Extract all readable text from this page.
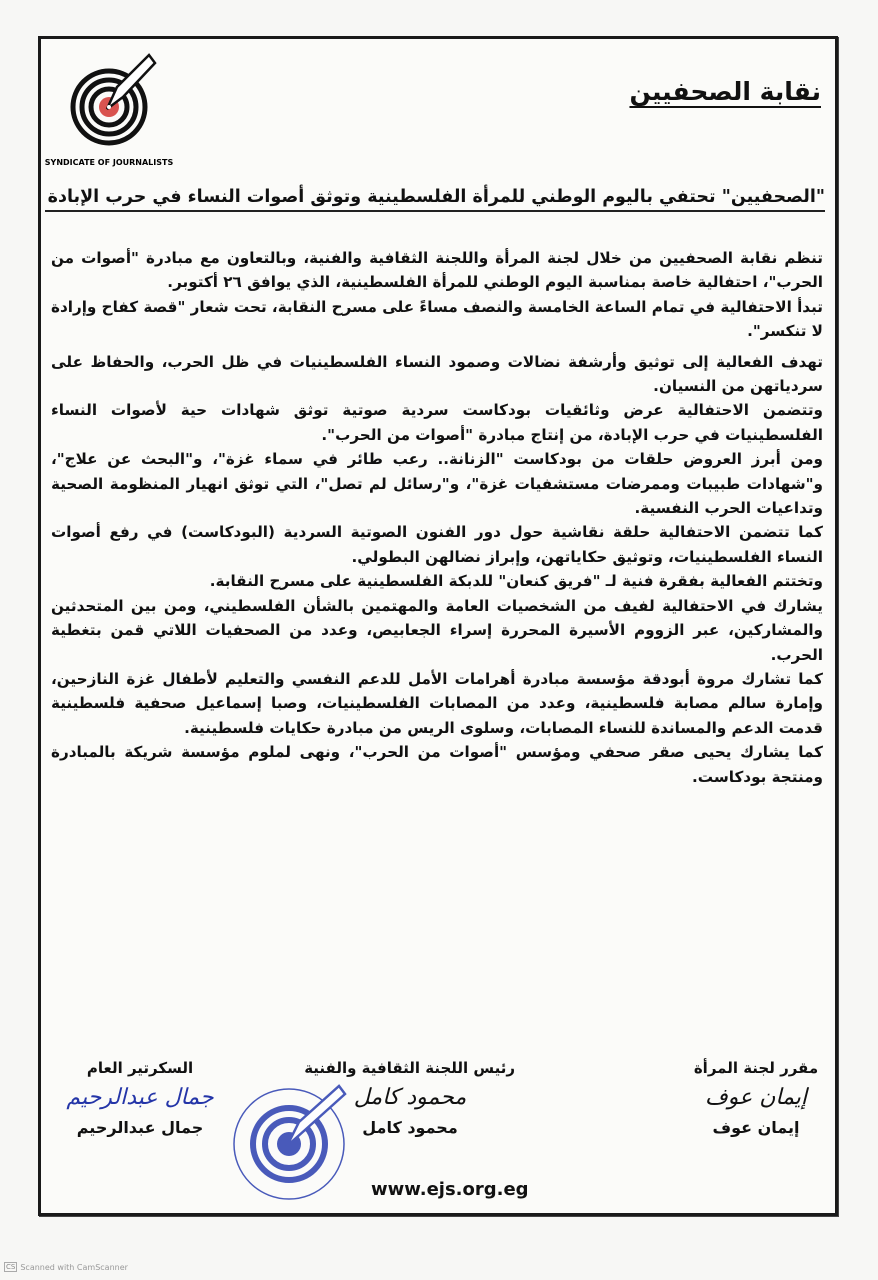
SYNDICATE OF JOURNALISTS
نقابة الصحفيين
"الصحفيين" تحتفي باليوم الوطني للمرأة الفلسطينية وتوثق أصوات النساء في حرب الإبادة

تنظم نقابة الصحفيين من خلال لجنة المرأة واللجنة الثقافية والفنية، وبالتعاون مع مبادرة "أصوات من الحرب"، احتفالية خاصة بمناسبة اليوم الوطني للمرأة الفلسطينية، الذي يوافق ٢٦ أكتوبر.

تبدأ الاحتفالية في تمام الساعة الخامسة والنصف مساءً على مسرح النقابة، تحت شعار "قصة كفاح وإرادة لا تنكسر".

تهدف الفعالية إلى توثيق وأرشفة نضالات وصمود النساء الفلسطينيات في ظل الحرب، والحفاظ على سردياتهن من النسيان.

وتتضمن الاحتفالية عرض وثائقيات بودكاست سردية صوتية توثق شهادات حية لأصوات النساء الفلسطينيات في حرب الإبادة، من إنتاج مبادرة "أصوات من الحرب".

ومن أبرز العروض حلقات من بودكاست "الزنانة.. رعب طائر في سماء غزة"، و"البحث عن علاج"، و"شهادات طبيبات وممرضات مستشفيات غزة"، و"رسائل لم تصل"، التي توثق انهيار المنظومة الصحية وتداعيات الحرب النفسية.

كما تتضمن الاحتفالية حلقة نقاشية حول دور الفنون الصوتية السردية (البودكاست) في رفع أصوات النساء الفلسطينيات، وتوثيق حكاياتهن، وإبراز نضالهن البطولي.

وتختتم الفعالية بفقرة فنية لـ "فريق كنعان" للدبكة الفلسطينية على مسرح النقابة.

يشارك في الاحتفالية لفيف من الشخصيات العامة والمهتمين بالشأن الفلسطيني، ومن بين المتحدثين والمشاركين، عبر الزووم الأسيرة المحررة إسراء الجعابيص، وعدد من الصحفيات اللاتي قمن بتغطية الحرب.

كما تشارك مروة أبودقة مؤسسة مبادرة أهرامات الأمل للدعم النفسي والتعليم لأطفال غزة النازحين، وإمارة سالم مصابة فلسطينية، وعدد من المصابات الفلسطينيات، وصبا إسماعيل صحفية فلسطينية قدمت الدعم والمساندة للنساء المصابات، وسلوى الريس من مبادرة حكايات فلسطينية.

كما يشارك يحيى صقر صحفي ومؤسس "أصوات من الحرب"، ونهى لملوم مؤسسة شريكة بالمبادرة ومنتجة بودكاست.

مقرر لجنة المرأة
إيمان عوف
إيمان عوف
رئيس اللجنة الثقافية والفنية
محمود كامل
محمود كامل
السكرتير العام
جمال عبدالرحيم
جمال عبدالرحيم
www.ejs.org.eg
CS Scanned with CamScanner
